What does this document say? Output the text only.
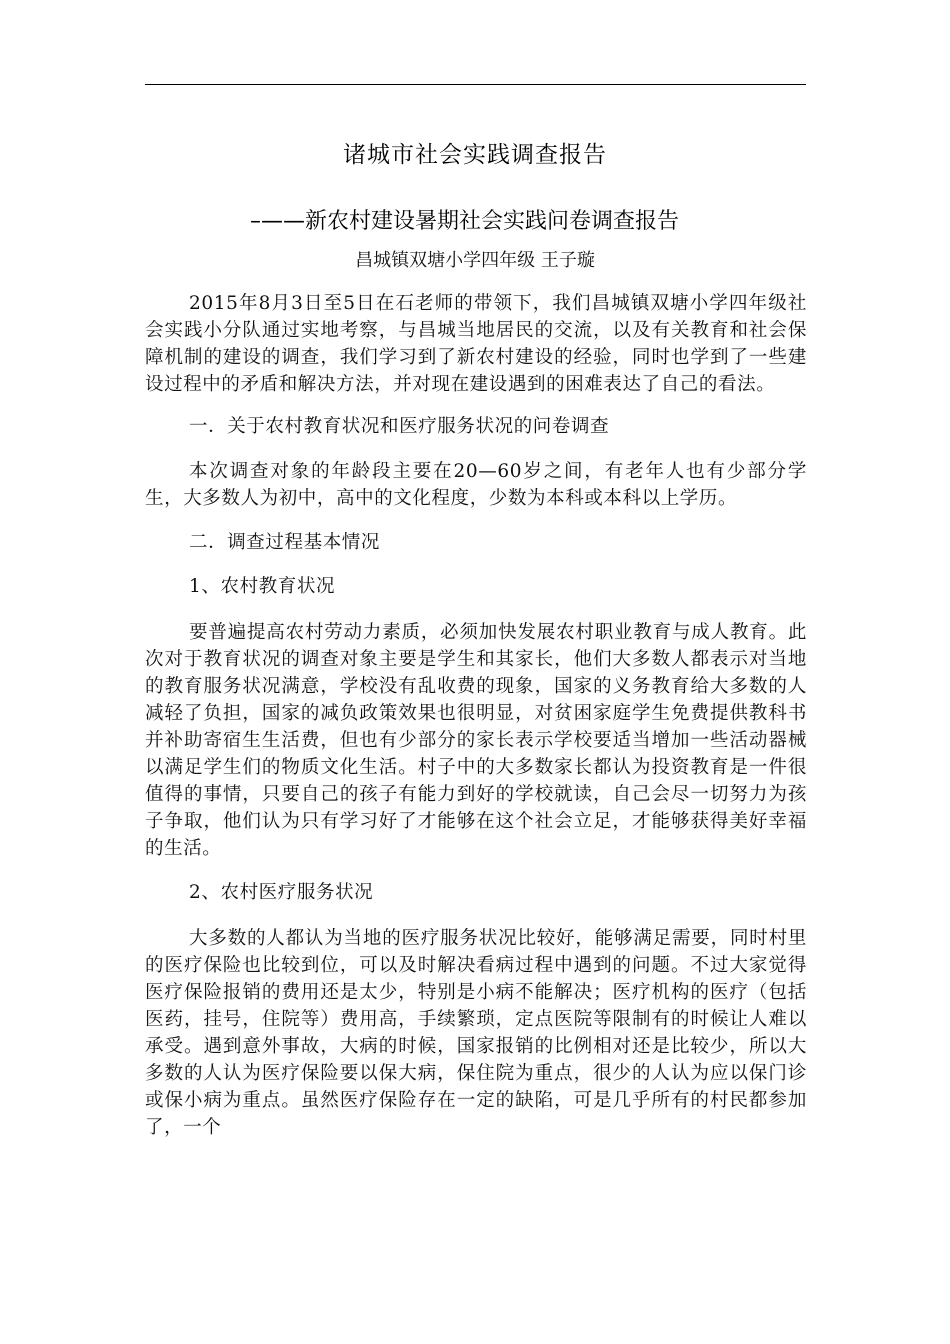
诸城市社会实践调查报告
–——新农村建设暑期社会实践问卷调查报告
昌城镇双塘小学四年级 王子璇

2015年8月3日至5日在石老师的带领下，我们昌城镇双塘小学四年级社会实践小分队通过实地考察，与昌城当地居民的交流，以及有关教育和社会保障机制的建设的调查，我们学习到了新农村建设的经验，同时也学到了一些建设过程中的矛盾和解决方法，并对现在建设遇到的困难表达了自己的看法。

一．关于农村教育状况和医疗服务状况的问卷调查

本次调查对象的年龄段主要在20—60岁之间，有老年人也有少部分学生，大多数人为初中，高中的文化程度，少数为本科或本科以上学历。

二．调查过程基本情况

1、农村教育状况

要普遍提高农村劳动力素质，必须加快发展农村职业教育与成人教育。此次对于教育状况的调查对象主要是学生和其家长，他们大多数人都表示对当地的教育服务状况满意，学校没有乱收费的现象，国家的义务教育给大多数的人减轻了负担，国家的减负政策效果也很明显，对贫困家庭学生免费提供教科书并补助寄宿生生活费，但也有少部分的家长表示学校要适当增加一些活动器械以满足学生们的物质文化生活。村子中的大多数家长都认为投资教育是一件很值得的事情，只要自己的孩子有能力到好的学校就读，自己会尽一切努力为孩子争取，他们认为只有学习好了才能够在这个社会立足，才能够获得美好幸福的生活。

2、农村医疗服务状况

大多数的人都认为当地的医疗服务状况比较好，能够满足需要，同时村里的医疗保险也比较到位，可以及时解决看病过程中遇到的问题。不过大家觉得医疗保险报销的费用还是太少，特别是小病不能解决；医疗机构的医疗（包括医药，挂号，住院等）费用高，手续繁琐，定点医院等限制有的时候让人难以承受。遇到意外事故，大病的时候，国家报销的比例相对还是比较少，所以大多数的人认为医疗保险要以保大病，保住院为重点，很少的人认为应以保门诊或保小病为重点。虽然医疗保险存在一定的缺陷，可是几乎所有的村民都参加了，一个
